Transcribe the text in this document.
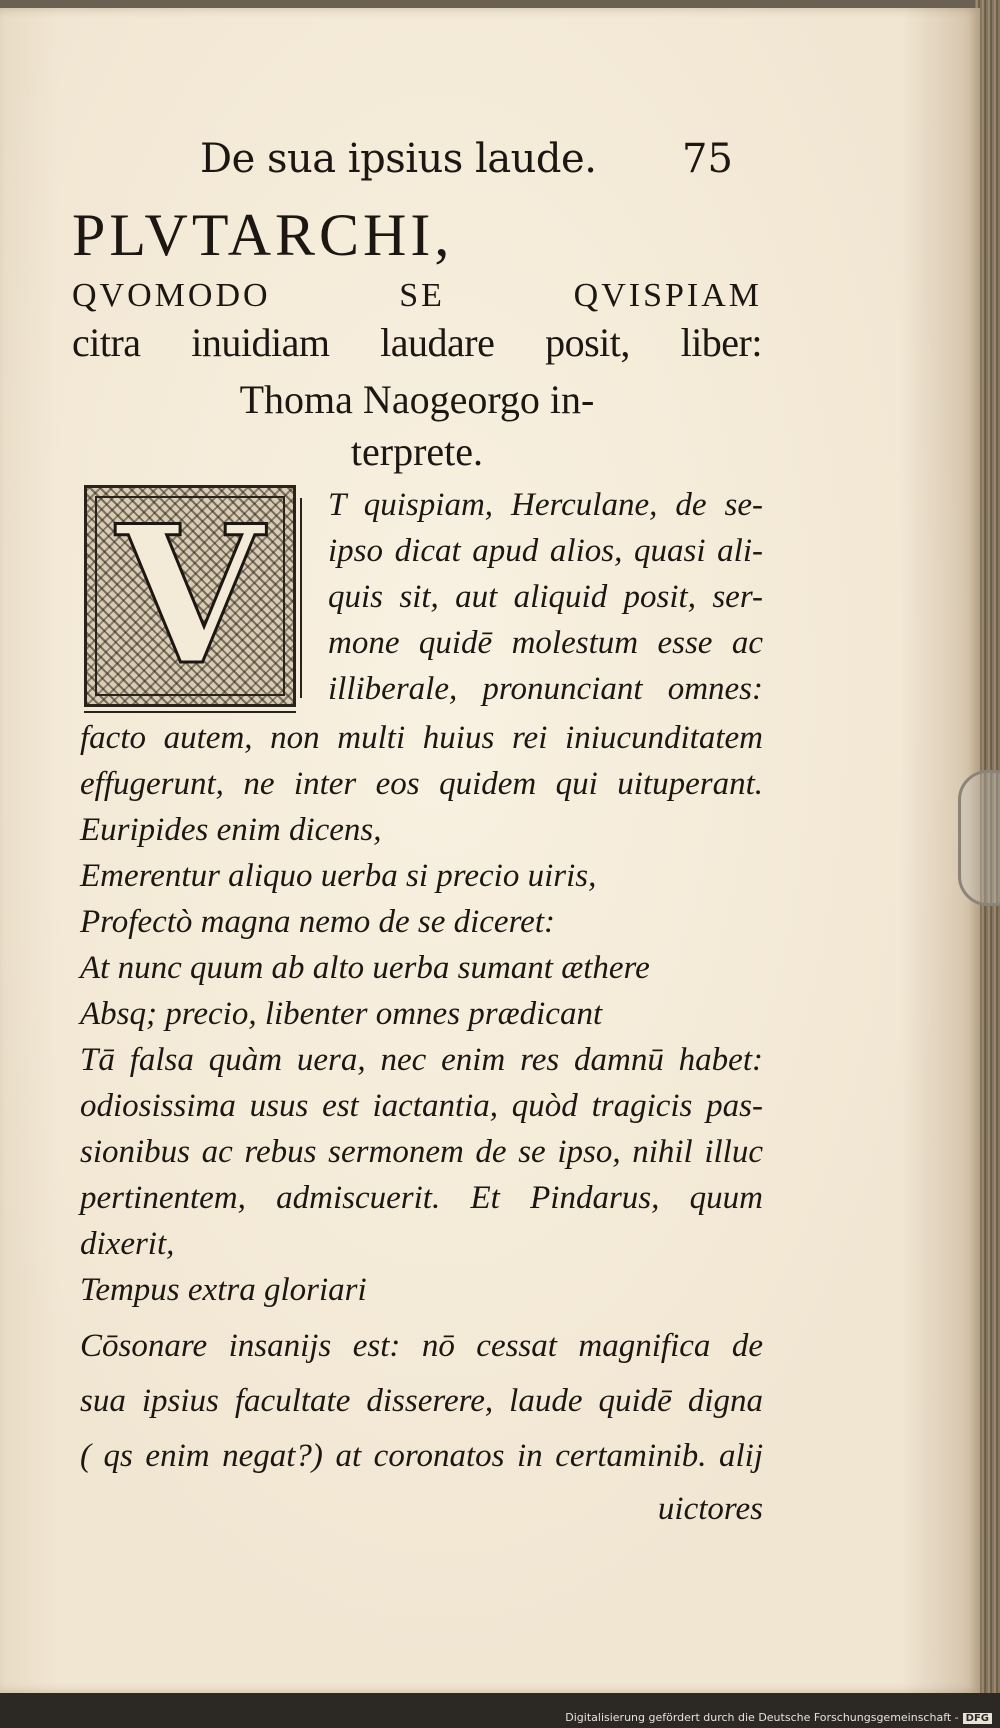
De sua ipsius laude. 75
PLVTARCHI,
QVOMODO SE QVISPIAM
citra inuidiam laudare posit, liber:
Thoma Naogeorgo in-
terprete.
V	T quispiam, Herculane, de se-
ipso dicat apud alios, quasi ali-
quis sit, aut aliquid posit, ser-
mone quidē molestum esse ac
illiberale, pronunciant omnes:
facto autem, non multi huius rei iniucunditatem
effugerunt, ne inter eos quidem qui uituperant.
Euripides enim dicens,
Emerentur aliquo uerba si precio uiris,
Profectò magna nemo de se diceret:
At nunc quum ab alto uerba sumant æthere
Absq; precio, libenter omnes prædicant
Tā falsa quàm uera, nec enim res damnū habet:
odiosissima usus est iactantia, quòd tragicis pas-
sionibus ac rebus sermonem de se ipso, nihil illuc
pertinentem, admiscuerit. Et Pindarus, quum
dixerit,
Tempus extra gloriari
Cōsonare insanijs est: nō cessat magnifica de
sua ipsius facultate disserere, laude quidē digna
( qs enim negat?) at coronatos in certaminib. alij
uictores
Digitalisierung gefördert durch die Deutsche Forschungsgemeinschaft - DFG
